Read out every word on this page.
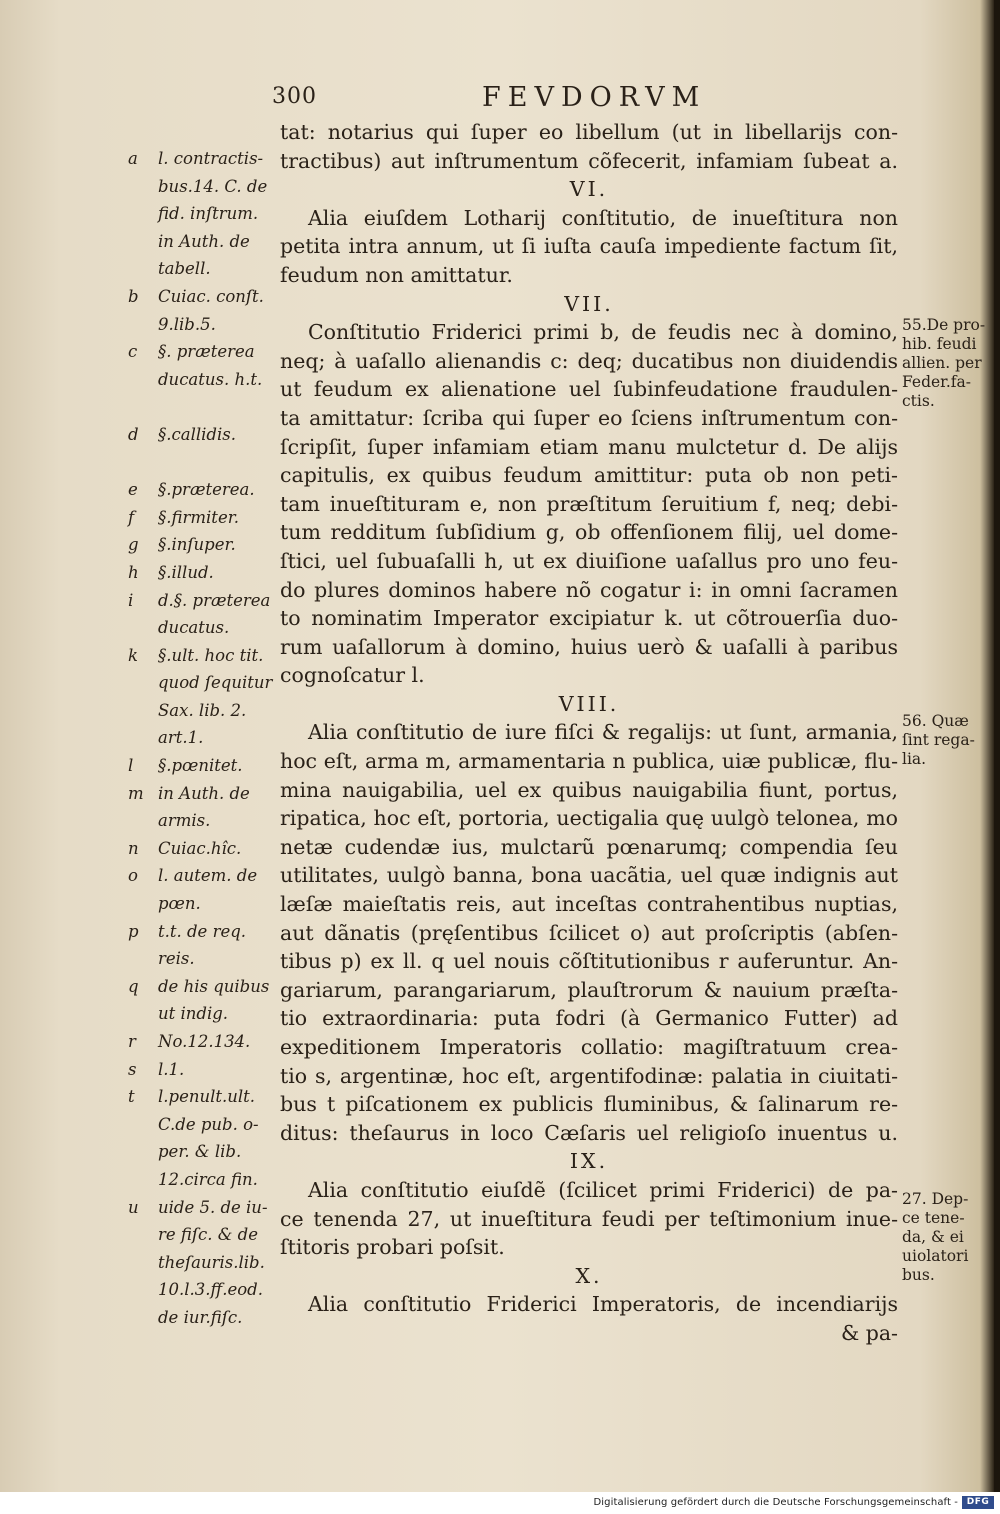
300	FEVDORVM
tat: notarius qui ſuper eo libellum (ut in libellarijs con-
tractibus) aut inſtrumentum cõfecerit, infamiam ſubeat a.
VI.
Alia eiuſdem Lotharij conſtitutio, de inueſtitura non
petita intra annum, ut ſi iuſta cauſa impediente factum ſit,
feudum non amittatur.
VII.
Conſtitutio Friderici primi b, de feudis nec à domino,
neq; à uaſallo alienandis c: deq; ducatibus non diuidendis
ut feudum ex alienatione uel ſubinfeudatione fraudulen-
ta amittatur: ſcriba qui ſuper eo ſciens inſtrumentum con-
ſcripſit, ſuper infamiam etiam manu mulctetur d. De alijs
capitulis, ex quibus feudum amittitur: puta ob non peti-
tam inueſtituram e, non præſtitum ſeruitium f, neq; debi-
tum redditum ſubſidium g, ob offenſionem filij, uel dome-
ſtici, uel ſubuaſalli h, ut ex diuiſione uaſallus pro uno feu-
do plures dominos habere nõ cogatur i: in omni ſacramen
to nominatim Imperator excipiatur k. ut cõtrouerſia duo-
rum uaſallorum à domino, huius uerò & uaſalli à paribus
cognoſcatur l.
VIII.
Alia conſtitutio de iure fiſci & regalijs: ut ſunt, armania,
hoc eſt, arma m, armamentaria n publica, uiæ publicæ, flu-
mina nauigabilia, uel ex quibus nauigabilia fiunt, portus,
ripatica, hoc eſt, portoria, uectigalia quę uulgò telonea, mo
netæ cudendæ ius, mulctarũ pœnarumq; compendia ſeu
utilitates, uulgò banna, bona uacãtia, uel quæ indignis aut
læſæ maieſtatis reis, aut inceſtas contrahentibus nuptias,
aut dãnatis (pręſentibus ſcilicet o) aut proſcriptis (abſen-
tibus p) ex ll. q uel nouis cõſtitutionibus r auferuntur. An-
gariarum, parangariarum, plauſtrorum & nauium præſta-
tio extraordinaria: puta fodri (à Germanico Futter) ad
expeditionem Imperatoris collatio: magiſtratuum crea-
tio s, argentinæ, hoc eſt, argentifodinæ: palatia in ciuitati-
bus t piſcationem ex publicis fluminibus, & ſalinarum re-
ditus: theſaurus in loco Cæſaris uel religioſo inuentus u.
IX.
Alia conſtitutio eiuſdẽ (ſcilicet primi Friderici) de pa-
ce tenenda 27, ut inueſtitura feudi per teſtimonium inue-
ſtitoris probari poſsit.
X.
Alia conſtitutio Friderici Imperatoris, de incendiarijs
& pa-
a l. contractis-
bus.14. C. de
fid. inſtrum.
in Auth. de
tabell.
b Cuiac. conſt.
9.lib.5.
c §. præterea
ducatus. h.t.
d §.callidis.
e §.præterea.
f §.firmiter.
g §.inſuper.
h §.illud.
i d.§. præterea
ducatus.
k §.ult. hoc tit.
quod ſequitur
Sax. lib. 2.
art.1.
l §.pœnitet.
m in Auth. de
armis.
n Cuiac.hîc.
o l. autem. de
pœn.
p t.t. de req.
reis.
q de his quibus
ut indig.
r No.12.134.
s l.1.
t l.penult.ult.
C.de pub. o-
per. & lib.
12.circa fin.
u uide 5. de iu-
re fiſc. & de
theſauris.lib.
10.l.3.ff.eod.
de iur.fiſc.
55.De pro-
hib. feudi
allien. per
Feder.fa-
ctis.
56. Quæ
ſint rega-
lia.
27. Dep-
ce tene-
da, & ei
uiolatori
bus.
Digitalisierung gefördert durch die Deutsche Forschungsgemeinschaft - DFG
